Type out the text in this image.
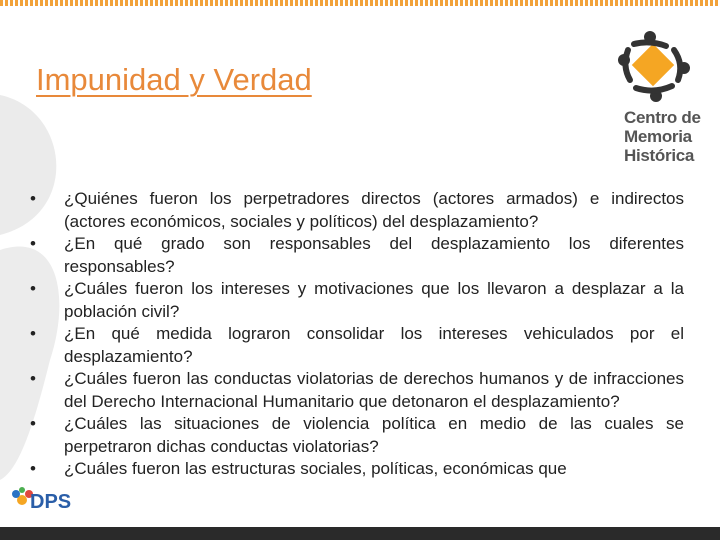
Impunidad y Verdad
Centro de
Memoria
Histórica
• ¿Quiénes fueron los perpetradores directos (actores armados) e indirectos (actores económicos, sociales y políticos) del desplazamiento?
• ¿En qué grado son responsables del desplazamiento los diferentes responsables?
• ¿Cuáles fueron los intereses y motivaciones que los llevaron a desplazar a la población civil?
• ¿En qué medida lograron consolidar los intereses vehiculados por el desplazamiento?
• ¿Cuáles fueron las conductas violatorias de derechos humanos y de infracciones del Derecho Internacional Humanitario que detonaron el desplazamiento?
• ¿Cuáles las situaciones de violencia política en medio de las cuales se perpetraron dichas conductas violatorias?
• ¿Cuáles fueron las estructuras sociales, políticas, económicas que
DPS
